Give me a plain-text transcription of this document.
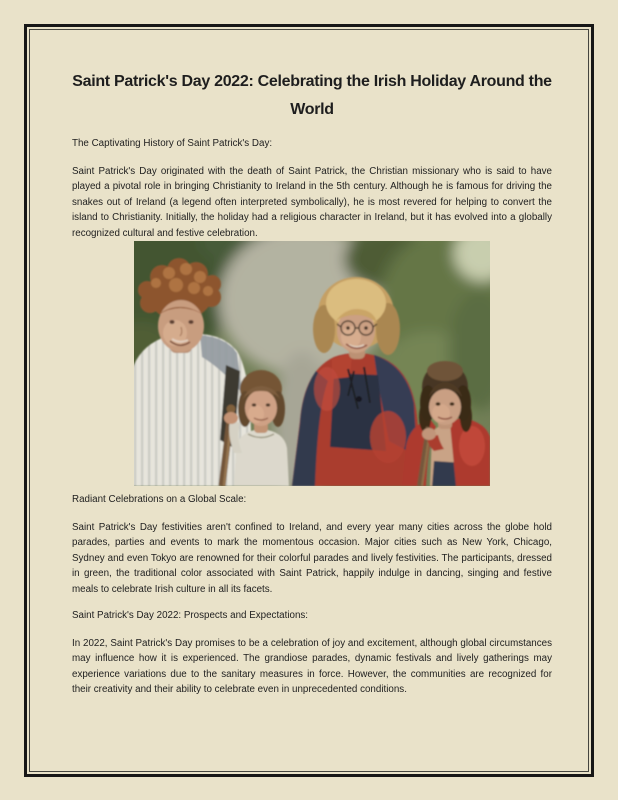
Saint Patrick's Day 2022: Celebrating the Irish Holiday Around the World
The Captivating History of Saint Patrick's Day:

Saint Patrick's Day originated with the death of Saint Patrick, the Christian missionary who is said to have played a pivotal role in bringing Christianity to Ireland in the 5th century. Although he is famous for driving the snakes out of Ireland (a legend often interpreted symbolically), he is most revered for helping to convert the island to Christianity. Initially, the holiday had a religious character in Ireland, but it has evolved into a globally recognized cultural and festive celebration.

Radiant Celebrations on a Global Scale:

Saint Patrick's Day festivities aren't confined to Ireland, and every year many cities across the globe hold parades, parties and events to mark the momentous occasion. Major cities such as New York, Chicago, Sydney and even Tokyo are renowned for their colorful parades and lively festivities. The participants, dressed in green, the traditional color associated with Saint Patrick, happily indulge in dancing, singing and festive meals to celebrate Irish culture in all its facets.

Saint Patrick's Day 2022: Prospects and Expectations:

In 2022, Saint Patrick's Day promises to be a celebration of joy and excitement, although global circumstances may influence how it is experienced. The grandiose parades, dynamic festivals and lively gatherings may experience variations due to the sanitary measures in force. However, the communities are recognized for their creativity and their ability to celebrate even in unprecedented conditions.
